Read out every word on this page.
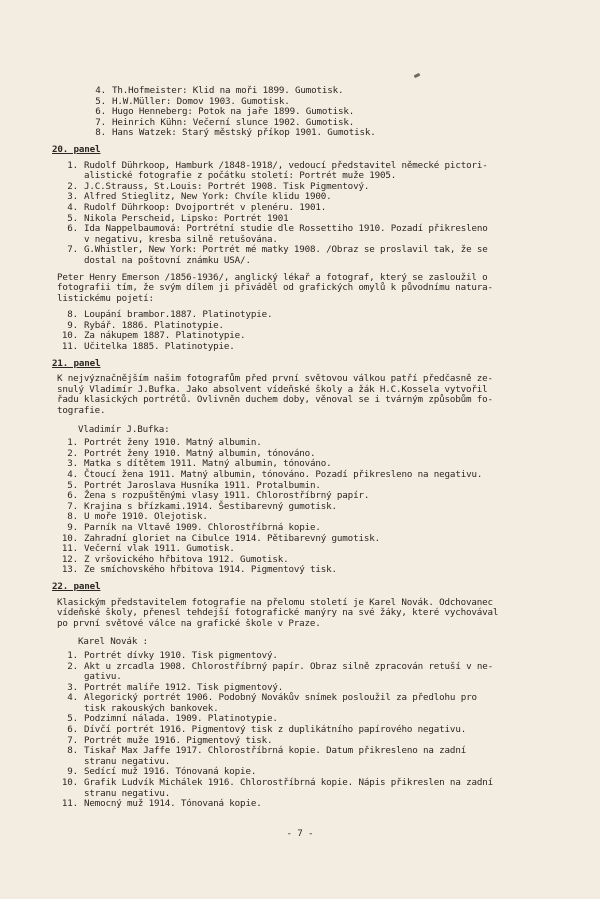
4. Th.Hofmeister: Klid na moři 1899. Gumotisk.
5. H.W.Müller: Domov 1903. Gumotisk.
6. Hugo Henneberg: Potok na jaře 1899. Gumotisk.
7. Heinrich Kühn: Večerní slunce 1902. Gumotisk.
8. Hans Watzek: Starý městský příkop 1901. Gumotisk.
20. panel
1. Rudolf Dührkoop, Hamburk /1848-1918/, vedoucí představitel německé pictori-
alistické fotografie z počátku století: Portrét muže 1905.
2. J.C.Strauss, St.Louis: Portrét 1908. Tisk Pigmentový.
3. Alfred Stieglitz, New York: Chvíle klidu 1900.
4. Rudolf Dührkoop: Dvojportrét v plenéru. 1901.
5. Nikola Perscheid, Lipsko: Portrét 1901
6. Ida Nappelbaumová: Portrétní studie dle Rossettiho 1910. Pozadí přikresleno
v negativu, kresba silně retušována.
7. G.Whistler, New York: Portrét mé matky 1908. /Obraz se proslavil tak, že se
dostal na poštovní známku USA/.

Peter Henry Emerson /1856-1936/, anglický lékař a fotograf, který se zasloužil o
fotografii tím, že svým dílem ji přiváděl od grafických omylů k původnímu natura-
listickému pojetí:

8. Loupání brambor.1887. Platinotypie.
9. Rybář. 1886. Platinotypie.
10. Za nákupem 1887. Platinotypie.
11. Učitelka 1885. Platinotypie.
21. panel

K nejvýznačnějším našim fotografům před první světovou válkou patří předčasně ze-
snulý Vladimír J.Bufka. Jako absolvent vídeňské školy a žák H.C.Kossela vytvořil
řadu klasických portrétů. Ovlivněn duchem doby, věnoval se i tvárným způsobům fo-
tografie.

Vladimír J.Bufka:
1. Portrét ženy 1910. Matný albumin.
2. Portrét ženy 1910. Matný albumin, tónováno.
3. Matka s dítětem 1911. Matný albumin, tónováno.
4. Čtoucí žena 1911. Matný albumin, tónováno. Pozadí přikresleno na negativu.
5. Portrét Jaroslava Husníka 1911. Protalbumin.
6. Žena s rozpuštěnými vlasy 1911. Chlorostříbrný papír.
7. Krajina s břízkami.1914. Šestibarevný gumotisk.
8. U moře 1910. Olejotisk.
9. Parník na Vltavě 1909. Chlorostříbrná kopie.
10. Zahradní gloriet na Cibulce 1914. Pětibarevný gumotisk.
11. Večerní vlak 1911. Gumotisk.
12. Z vršovického hřbitova 1912. Gumotisk.
13. Ze smíchovského hřbitova 1914. Pigmentový tisk.
22. panel

Klasickým představitelem fotografie na přelomu století je Karel Novák. Odchovanec
vídeňské školy, přenesl tehdejší fotografické manýry na své žáky, které vychovával
po první světové válce na grafické škole v Praze.

Karel Novák :
1. Portrét dívky 1910. Tisk pigmentový.
2. Akt u zrcadla 1908. Chlorostříbrný papír. Obraz silně zpracován retuší v ne-
gativu.
3. Portrét malíře 1912. Tisk pigmentový.
4. Alegorický portrét 1906. Podobný Novákův snímek posloužil za předlohu pro
tisk rakouských bankovek.
5. Podzimní nálada. 1909. Platinotypie.
6. Dívčí portrét 1916. Pigmentový tisk z duplikátního papírového negativu.
7. Portrét muže 1916. Pigmentový tisk.
8. Tiskař Max Jaffe 1917. Chlorostříbrná kopie. Datum přikresleno na zadní
stranu negativu.
9. Sedící muž 1916. Tónovaná kopie.
10. Grafik Ludvík Michálek 1916. Chlorostříbrná kopie. Nápis přikreslen na zadní
stranu negativu.
11. Nemocný muž 1914. Tónovaná kopie.
- 7 -
